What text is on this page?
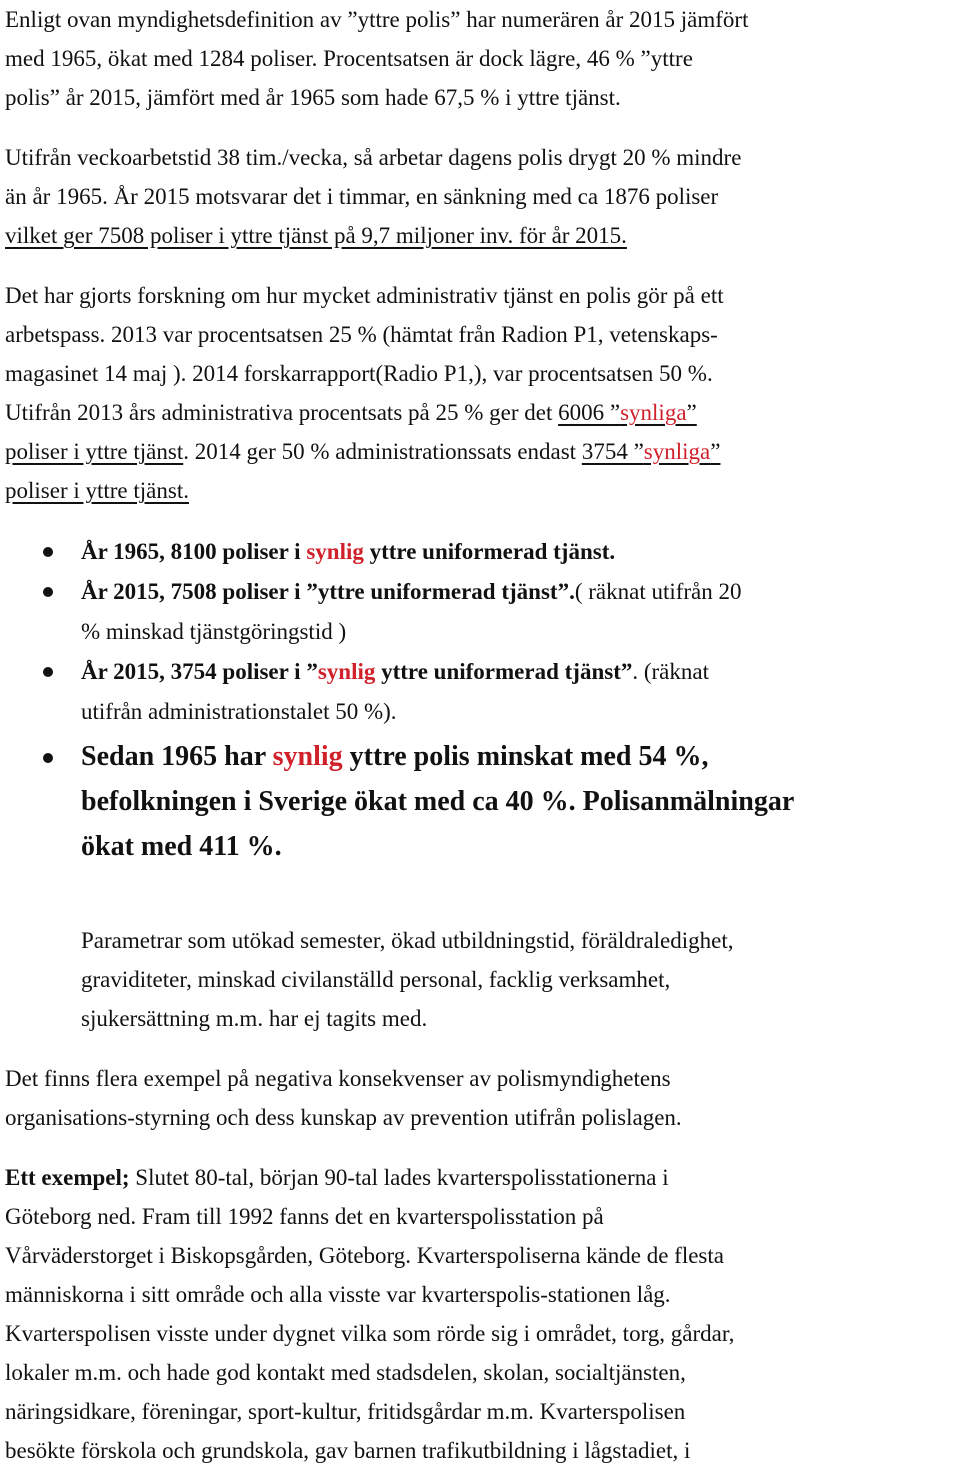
Enligt ovan myndighetsdefinition av ”yttre polis” har numerären år 2015 jämfört
med 1965, ökat med 1284 poliser. Procentsatsen är dock lägre, 46 % ”yttre
polis” år 2015, jämfört med år 1965 som hade 67,5 % i yttre tjänst.

Utifrån veckoarbetstid 38 tim./vecka, så arbetar dagens polis drygt 20 % mindre
än år 1965. År 2015 motsvarar det i timmar, en sänkning med ca 1876 poliser
vilket ger 7508 poliser i yttre tjänst på 9,7 miljoner inv. för år 2015.

Det har gjorts forskning om hur mycket administrativ tjänst en polis gör på ett
arbetspass. 2013 var procentsatsen 25 % (hämtat från Radion P1, vetenskaps-
magasinet 14 maj ). 2014 forskarrapport(Radio P1,), var procentsatsen 50 %.
Utifrån 2013 års administrativa procentsats på 25 % ger det 6006 ”synliga”
poliser i yttre tjänst. 2014 ger 50 % administrationssats endast 3754 ”synliga”
poliser i yttre tjänst.

År 1965, 8100 poliser i synlig yttre uniformerad tjänst.
År 2015, 7508 poliser i ”yttre uniformerad tjänst”.( räknat utifrån 20
% minskad tjänstgöringstid )
År 2015, 3754 poliser i ”synlig yttre uniformerad tjänst”. (räknat
utifrån administrationstalet 50 %).
Sedan 1965 har synlig yttre polis minskat med 54 %,
befolkningen i Sverige ökat med ca 40 %. Polisanmälningar
ökat med 411 %.

Parametrar som utökad semester, ökad utbildningstid, föräldraledighet,
graviditeter, minskad civilanställd personal, facklig verksamhet,
sjukersättning m.m. har ej tagits med.

Det finns flera exempel på negativa konsekvenser av polismyndighetens
organisations-styrning och dess kunskap av prevention utifrån polislagen.

Ett exempel; Slutet 80-tal, början 90-tal lades kvarterspolisstationerna i
Göteborg ned. Fram till 1992 fanns det en kvarterspolisstation på
Vårväderstorget i Biskopsgården, Göteborg. Kvarterspoliserna kände de flesta
människorna i sitt område och alla visste var kvarterspolis-stationen låg.
Kvarterspolisen visste under dygnet vilka som rörde sig i området, torg, gårdar,
lokaler m.m. och hade god kontakt med stadsdelen, skolan, socialtjänsten,
näringsidkare, föreningar, sport-kultur, fritidsgårdar m.m. Kvarterspolisen
besökte förskola och grundskola, gav barnen trafikutbildning i lågstadiet, i
